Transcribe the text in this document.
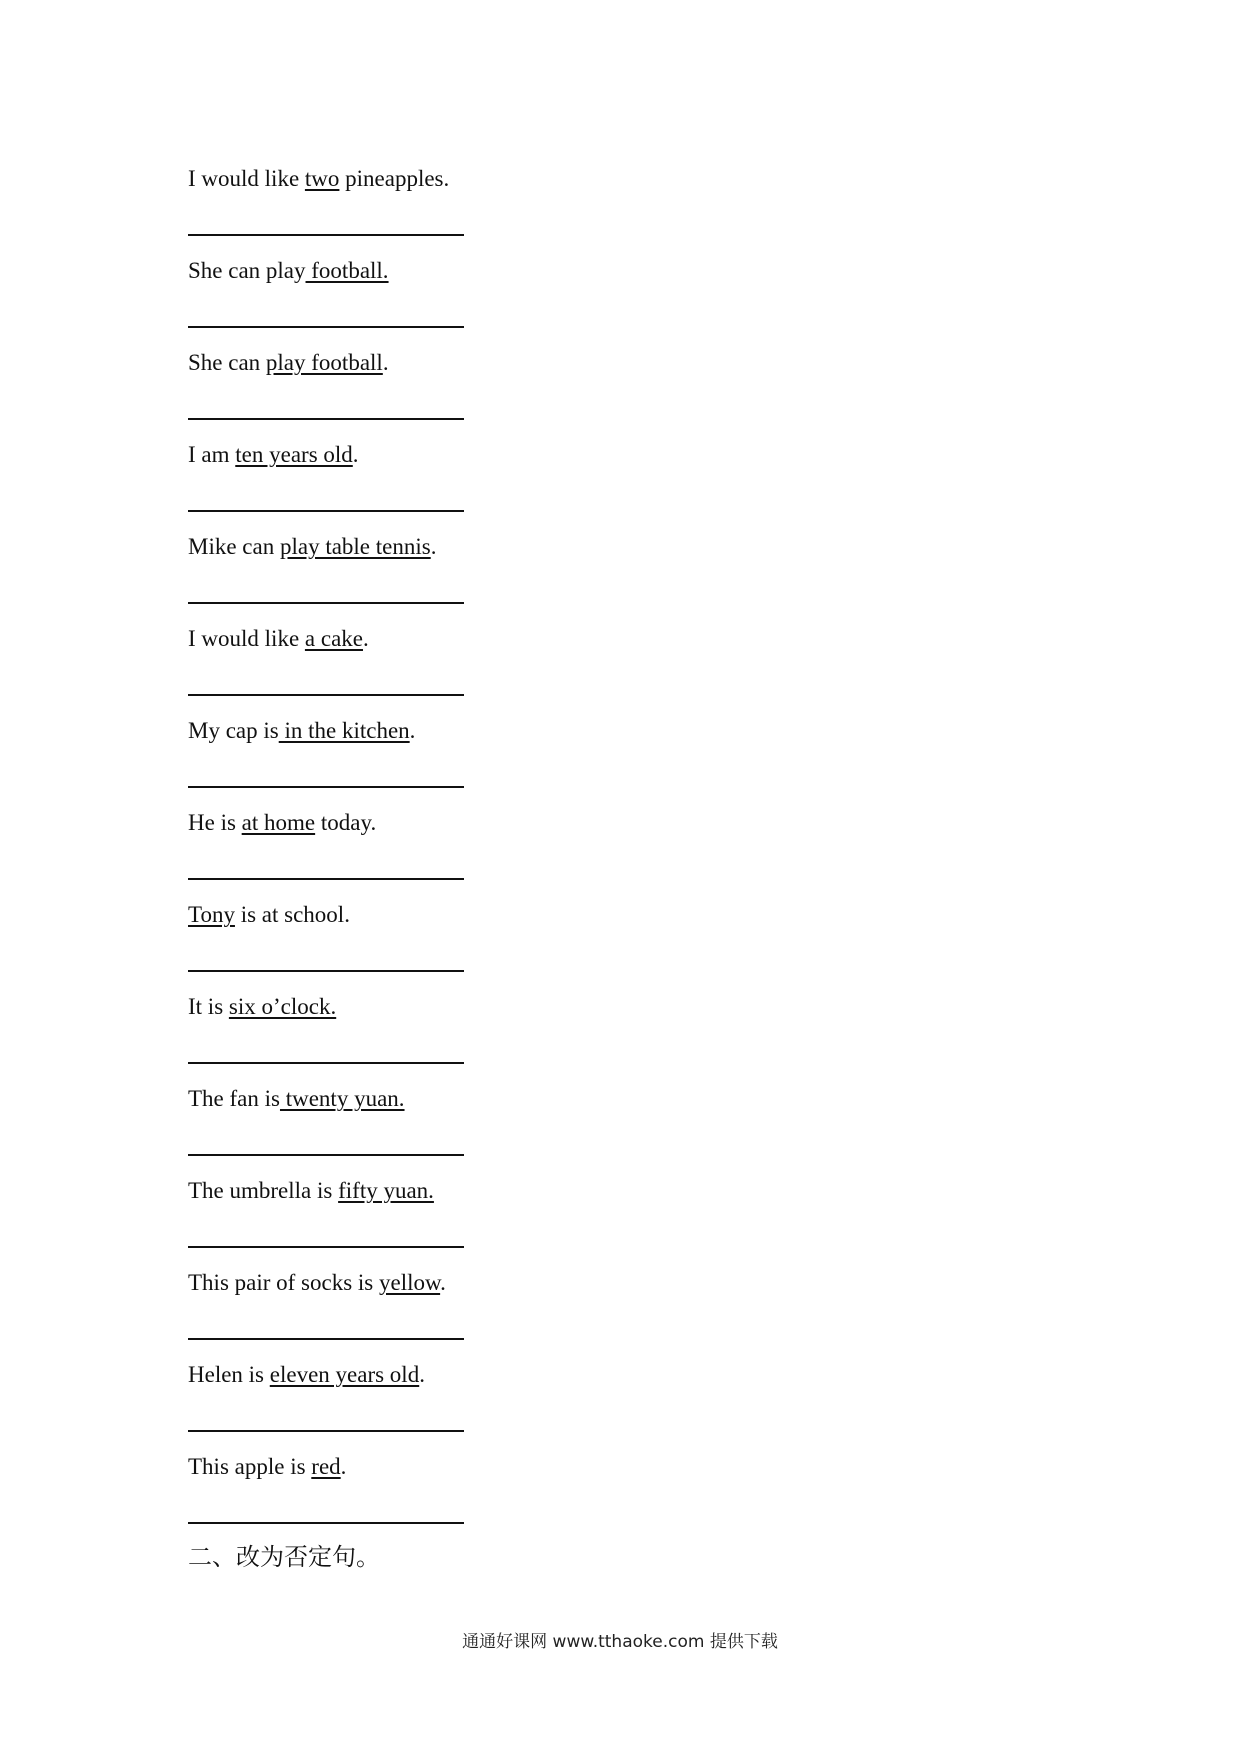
I would like two pineapples.
She can play football.
She can play football.
I am ten years old.
Mike can play table tennis.
I would like a cake.
My cap is in the kitchen.
He is at home today.
Tony is at school.
It is six o’clock.
The fan is twenty yuan.
The umbrella is fifty yuan.
This pair of socks is yellow.
Helen is eleven years old.
This apple is red.
二、改为否定句。
通通好课网 www.tthaoke.com 提供下载
